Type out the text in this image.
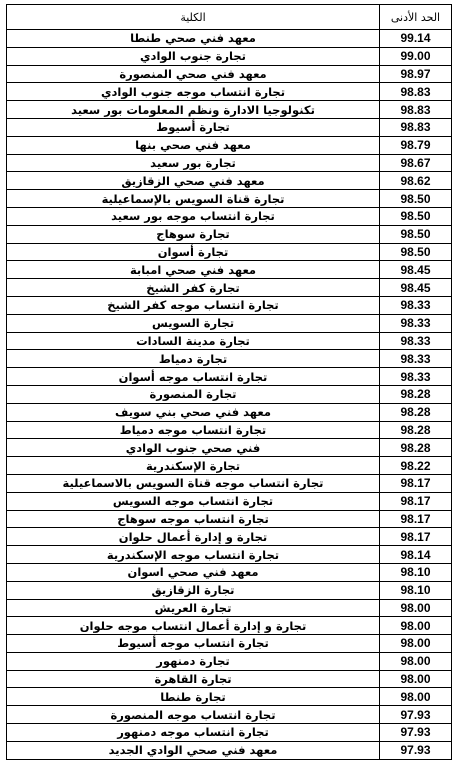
الكلية	الحد الأدنى
معهد فني صحي طنطا	99.14
تجارة جنوب الوادي	99.00
معهد فني صحي المنصورة	98.97
تجارة انتساب موجه جنوب الوادي	98.83
تكنولوجيا الادارة ونظم المعلومات بور سعيد	98.83
تجارة أسيوط	98.83
معهد فني صحي بنها	98.79
تجارة بور سعيد	98.67
معهد فني صحي الزقازيق	98.62
تجارة قناة السويس بالإسماعيلية	98.50
تجارة انتساب موجه بور سعيد	98.50
تجارة سوهاج	98.50
تجارة أسوان	98.50
معهد فني صحي امبابة	98.45
تجارة كفر الشيخ	98.45
تجارة انتساب موجه كفر الشيخ	98.33
تجارة السويس	98.33
تجارة مدينة السادات	98.33
تجارة دمياط	98.33
تجارة انتساب موجه أسوان	98.33
تجارة المنصورة	98.28
معهد فني صحي بني سويف	98.28
تجارة انتساب موجه دمياط	98.28
فني صحي جنوب الوادي	98.28
تجارة الإسكندرية	98.22
تجارة انتساب موجه قناة السويس بالاسماعيلية	98.17
تجارة انتساب موجه السويس	98.17
تجارة انتساب موجه سوهاج	98.17
تجارة و إدارة أعمال حلوان	98.17
تجارة انتساب موجه الإسكندرية	98.14
معهد فني صحي اسوان	98.10
تجارة الزقازيق	98.10
تجارة العريش	98.00
تجارة و إدارة أعمال انتساب موجه حلوان	98.00
تجارة انتساب موجه أسيوط	98.00
تجارة دمنهور	98.00
تجارة القاهرة	98.00
تجارة طنطا	98.00
تجارة انتساب موجه المنصورة	97.93
تجارة انتساب موجه دمنهور	97.93
معهد فني صحي الوادي الجديد	97.93
